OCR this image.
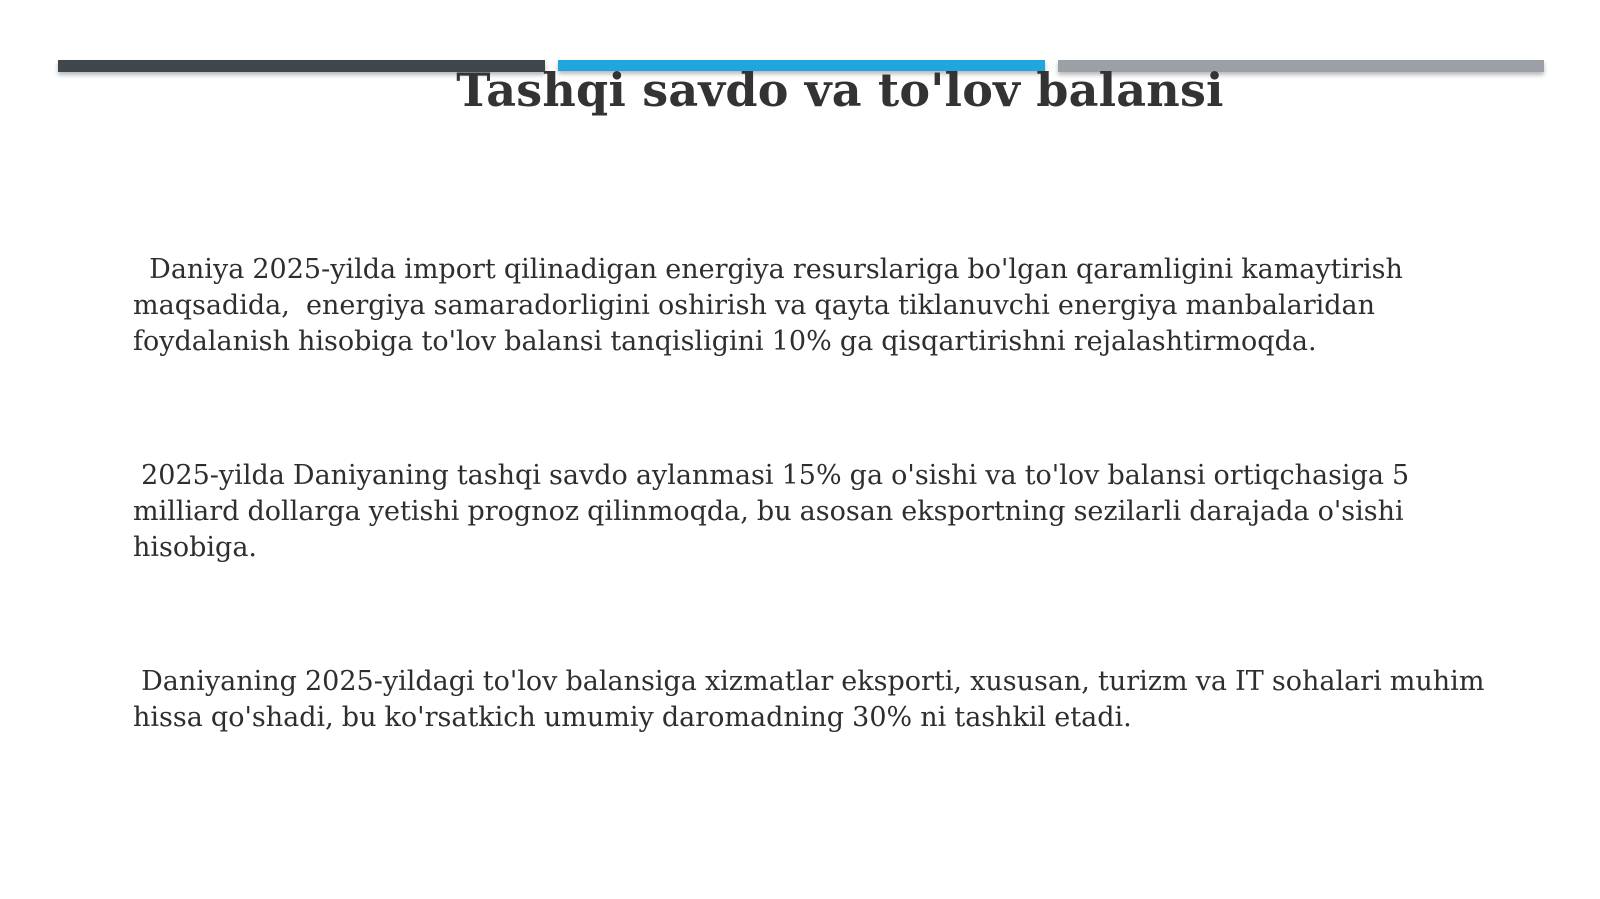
Tashqi savdo va to'lov balansi

Daniya 2025-yilda import qilinadigan energiya resurslariga bo'lgan qaramligini kamaytirish maqsadida,  energiya samaradorligini oshirish va qayta tiklanuvchi energiya manbalaridan foydalanish hisobiga to'lov balansi tanqisligini 10% ga qisqartirishni rejalashtirmoqda.

2025-yilda Daniyaning tashqi savdo aylanmasi 15% ga o'sishi va to'lov balansi ortiqchasiga 5 milliard dollarga yetishi prognoz qilinmoqda, bu asosan eksportning sezilarli darajada o'sishi hisobiga.

Daniyaning 2025-yildagi to'lov balansiga xizmatlar eksporti, xususan, turizm va IT sohalari muhim hissa qo'shadi, bu ko'rsatkich umumiy daromadning 30% ni tashkil etadi.
